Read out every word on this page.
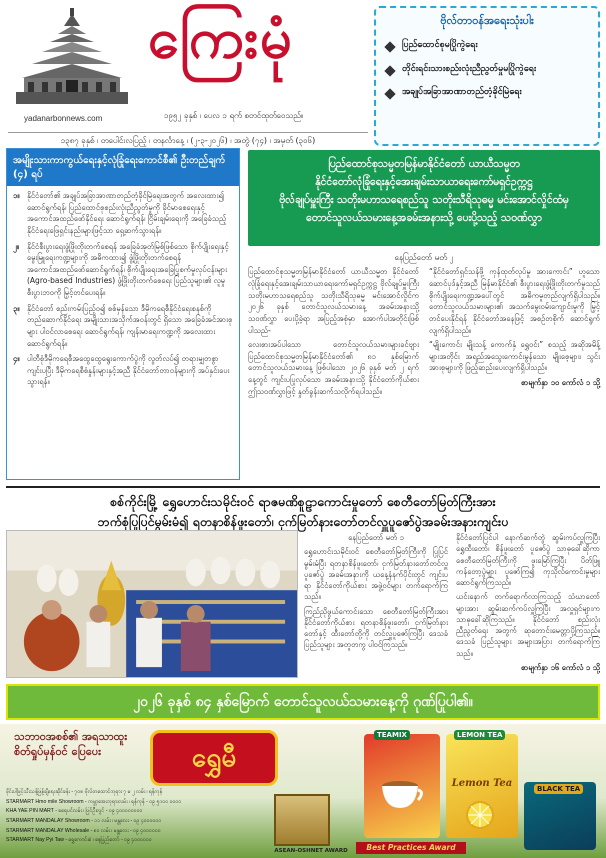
yadanarbonnews.com
ကြေးမုံ
၁၉၅၂ ခုနှစ် ၊ ပေလ ၁ ရက် စတင်ထုတ်ဝေသည်။
၁၃၈၇ ခုနှစ် ၊ တပေါင်းလပြည့် ၊ တနင်္လာနေ့ ၊ (၂-၃-၂၀၂၆) ၊ အတွဲ (၇၄) ၊ အမှတ် (၃၀၆)
ဗိုလ်တာဝန်အရေးသုံးပါး
ပြည်ထောင်စုမပြိုကွဲရေး
တိုင်းရင်းသားစည်းလုံးညီညွတ်မှုမပြိုကွဲရေး
အချုပ်အခြာအာဏာတည်တံ့ခိုင်မြဲရေး
အမျိုးသားကာကွယ်ရေးနှင့်လုံခြုံရေးကောင်စီ၏ ဦးတည်ချက် (၄) ရပ်
၁။	နိုင်ငံတော်၏ အချုပ်အခြာအာဏာတည်တံ့ခိုင်မြဲရေးအတွက် အလေးထား၍ ဆောင်ရွက်ရန်၊ ပြည်ထောင်စုစည်းလုံးညီညွတ်မှုကို ခိုင်မာစေရေးနှင့် အကောင်အထည်ဖော်နိုင်ရေး ဆောင်ရွက်ရန်၊ ငြိမ်းချမ်းရေးကို အခြေခံသည့် နိုင်ငံရေးဖြေရှင်းနည်းများဖြင့်သာ ရှေ့ဆက်သွားရန်။
၂။	နိုင်ငံစီးပွားရေးဖွံ့ဖြိုးတိုးတက်စေရန် အခြေခံအုတ်မြစ်ဖြစ်သော စိုက်ပျိုးရေးနှင့် မွေးမြူရေးကဏ္ဍများကို အဓိကထား၍ ဖွံ့ဖြိုးတိုးတက်စေရန် အကောင်အထည်ဖော်ဆောင်ရွက်ရန်၊ စိုက်ပျိုးရေးအခြေပြုစက်မှုလုပ်ငန်းများ (Agro-based Industries) ဖွံ့ဖြိုးတိုးတက်စေရေး ပြည်သူများ၏ လူမှုစီးပွားဘဝကို မြှင့်တင်ပေးရန်။
၃။	နိုင်ငံတော် စည်းကမ်းပြည့်ဝ၍ စစ်မှန်သော ဒီမိုကရေစီနိုင်ငံရေးစနစ်ကို တည်ဆောက်နိုင်ရေး အမျိုးသားအသိုက်အဝန်းတွင် ရှိသော အခြေခံအင်အားစုများ ပါဝင်လာစေရေး ဆောင်ရွက်ရန်၊ ကျန်းမာရေးကဏ္ဍကို အလေးထားဆောင်ရွက်ရန်။
၄။	ပါတီစုံဒီမိုကရေစီအထွေထွေရွေးကောက်ပွဲကို လွတ်လပ်၍ တရားမျှတစွာ ကျင်းပပြီး ဒီမိုကရေစီစံနှုန်းများနှင့်အညီ နိုင်ငံတော်တာဝန်များကို အပ်နှင်းပေးသွားရန်။
ပြည်ထောင်စုသမ္မတမြန်မာနိုင်ငံတော် ယာယီသမ္မတ
နိုင်ငံတော်လုံခြုံရေးနှင့်အေးချမ်းသာယာရေးကော်မရှင်ဥက္ကဋ္ဌ
ဗိုလ်ချုပ်မှူးကြီး သတိုးမဟာသရေစည်သူ သတိုးသီရိသုဓမ္မ မင်းအောင်လှိုင်ထံမှ
တောင်သူလယ်သမားနေ့အခမ်းအနားသို့ ပေးပို့သည့် သဝဏ်လွှာ
နေပြည်တော် မတ် ၂

ပြည်ထောင်စုသမ္မတမြန်မာနိုင်ငံတော် ယာယီသမ္မတ နိုင်ငံတော်လုံခြုံရေးနှင့်အေးချမ်းသာယာရေးကော်မရှင်ဥက္ကဋ္ဌ ဗိုလ်ချုပ်မှူးကြီး သတိုးမဟာသရေစည်သူ သတိုးသီရိသုဓမ္မ မင်းအောင်လှိုင်က ၂၀၂၆ ခုနှစ် တောင်သူလယ်သမားနေ့ အခမ်းအနားသို့ သဝဏ်လွှာ ပေးပို့ခဲ့ရာ အပြည့်အစုံမှာ အောက်ပါအတိုင်းဖြစ်ပါသည်-

လေးစားအပ်ပါသော တောင်သူလယ်သမားများခင်ဗျား ပြည်ထောင်စုသမ္မတမြန်မာနိုင်ငံတော်၏ ၈၁ နှစ်မြောက် တောင်သူလယ်သမားနေ့ ဖြစ်ပါသော ၂၀၂၆ ခုနှစ် မတ် ၂ ရက်နေ့တွင် ကျင်းပပြုလုပ်သော အခမ်းအနားသို့ နိုင်ငံတော်ကိုယ်စား ဤသဝဏ်လွှာဖြင့် နှုတ်ခွန်းဆက်သလိုက်ရပါသည်။

“နိုင်ငံတော်ရှင်သန်ဖို့ ကုန်ထုတ်လုပ်မှု အားကောင်း” ဟူသော ဆောင်ပုဒ်နှင့်အညီ မြန်မာနိုင်ငံ၏ စီးပွားရေးဖွံ့ဖြိုးတိုးတက်မှုသည် စိုက်ပျိုးရေးကဏ္ဍအပေါ်တွင် အဓိကမူတည်လျက်ရှိပါသည်။ တောင်သူလယ်သမားများ၏ အသက်မွေးဝမ်းကျောင်းမှုကို မြှင့်တင်ပေးနိုင်ရန် နိုင်ငံတော်အနေဖြင့် အစဉ်တစိုက် ဆောင်ရွက်လျက်ရှိပါသည်။

“မျိုးကောင်း မျိုးသန့် ကောက်နှံ ရွှေဝင်း” စသည့် အဆိုအမိန့်များအတိုင်း အရည်အသွေးကောင်းမွန်သော မျိုးစေ့များ၊ သွင်းအားစုများကို ဖြည့်ဆည်းပေးလျက်ရှိပါသည်။

စာမျက်နှာ ၁၀ ကော်လံ ၁ သို့
စစ်ကိုင်းမြို့ ရွှေဟောင်းသမိုင်းဝင် ရာဇမဏိစူဠာကောင်းမှုတော် စေတီတော်မြတ်ကြီးအား
ဘက်စုံပြုပြင်မွမ်းမံ၍ ရတနာစိန်ဖူးတော်၊ ငှက်မြတ်နားတော်တင်လှူပူဇော်ပွဲအခမ်းအနားကျင်းပ

နေပြည်တော် မတ် ၁

ရွှေဟောင်းသမိုင်းဝင် စေတီတော်မြတ်ကြီးကို ပြုပြင်မွမ်းမံပြီး ရတနာစိန်ဖူးတော်၊ ငှက်မြတ်နားတော်တင်လှူပူဇော်ပွဲ အခမ်းအနားကို ယနေ့နံနက်ပိုင်းတွင် ကျင်းပရာ နိုင်ငံတော်ကိုယ်စား အဖွဲ့ဝင်များ တက်ရောက်ကြသည်။

ကြည်ညိုဖွယ်ကောင်းသော စေတီတော်မြတ်ကြီးအား နိုင်ငံတော်ကိုယ်စား ရတနာစိန်ဖူးတော်၊ ငှက်မြတ်နားတော်နှင့် ထီးတော်တို့ကို တင်လှူပူဇော်ကြပြီး ဒေသခံ ပြည်သူများ အတူတကွ ပါဝင်ကြသည်။

နိုင်ငံတော်ပြင်ပါ နောက်ဆက်တွဲ ဆွမ်းကပ်လှူကြပြီး ရွှေထီးတော်၊ စိန်ဖူးတော် ပူဇော်ပွဲ သာဓုခေါ်ဆိုကာ စေတီတော်မြတ်ကြီးကို ဖူးမြော်ကြပြီး ပိတ်ဖြူ ကန်တော့ပွဲများ ပူဇော်ကြ၍ ကုသိုလ်ကောင်းမှုများ ဆောင်ရွက်ကြသည်။

ယင်းနောက် တက်ရောက်လာကြသည့် သံဃာတော်များအား ဆွမ်းဆက်ကပ်လှူကြပြီး အလှူရှင်များက သာဓုခေါ်ဆိုကြသည်။ နိုင်ငံတော် စည်းလုံးညီညွတ်ရေး အတွက် ဆုတောင်းမေတ္တာပို့ကြသည်။ ဒေသခံ ပြည်သူများ အများအပြား တက်ရောက်ကြသည်။

စာမျက်နှာ ၁၆ ကော်လံ ၁ သို့
၂၀၂၆ ခုနှစ် ၈၄ နှစ်မြောက် တောင်သူလယ်သမားနေ့ကို ဂုဏ်ပြုပါ၏။
သဘာဝအစစ်၏ အရသာထူး စိတ်ရှုပ်မှန်ဝင် ပြေပေး	ရွှေမီ
ဖိုင်းပါဖြင့်သီးသန့်ဖြန့်ချိရေးဆိုင်ခန်း - ၇၀၈ ဗိုလ်တထောင်ဘုရား ၇ မ ၂ လမ်း ၊ ရန်ကုန်
STARMART Hmo mile Showroom - ကမ္ဘာအေးဘုရားလမ်း ၊ ရန်ကုန် - ၀၉ ၅၁၀၀ ၀၀၀၀
KHA YAE PIN MART - ခရေပင်လမ်း ၊ ပြင်ဦးလွင် - ၀၉ ၄၀၀၀၀၀၀၀၀
STARMART MANDALAY Showroom - ၁၁ လမ်း ၊ မန္တလေး - ၀၉ ၄၀၀၀၀၀၀
STARMART MANDALAY Wholesale - ၈၀ လမ်း ၊ မန္တလေး - ၀၉ ၄၀၀၀၀၀၀
STARMART Nay Pyi Taw - ရွှေကောင်းစံ ၊ နေပြည်တော် - ၀၉ ၄၀၀၀၀၀၀
ASEAN-OSHNET AWARD	Best Practices Award
TEAMIX	LEMON TEA
Lemon Tea	BLACK TEA
